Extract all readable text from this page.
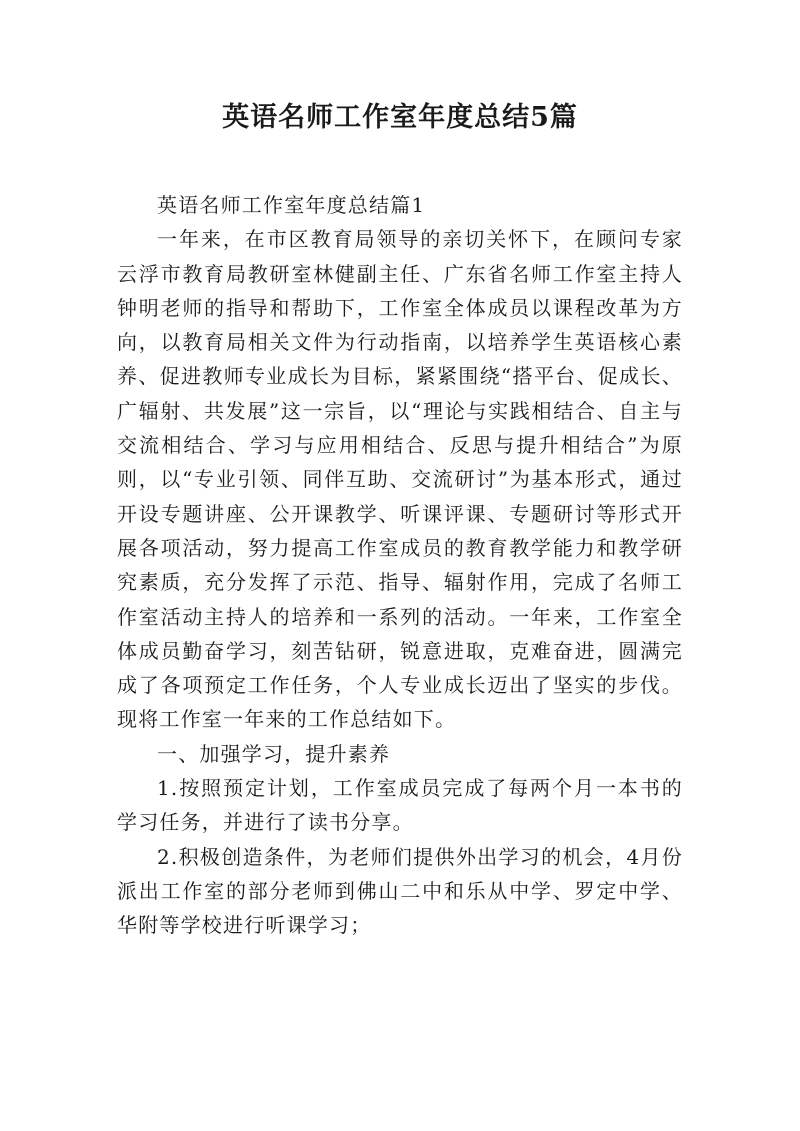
英语名师工作室年度总结5篇

英语名师工作室年度总结篇1

一年来，在市区教育局领导的亲切关怀下，在顾问专家云浮市教育局教研室林健副主任、广东省名师工作室主持人钟明老师的指导和帮助下，工作室全体成员以课程改革为方向，以教育局相关文件为行动指南，以培养学生英语核心素养、促进教师专业成长为目标，紧紧围绕“搭平台、促成长、广辐射、共发展”这一宗旨，以“理论与实践相结合、自主与交流相结合、学习与应用相结合、反思与提升相结合”为原则，以“专业引领、同伴互助、交流研讨”为基本形式，通过开设专题讲座、公开课教学、听课评课、专题研讨等形式开展各项活动，努力提高工作室成员的教育教学能力和教学研究素质，充分发挥了示范、指导、辐射作用，完成了名师工作室活动主持人的培养和一系列的活动。一年来，工作室全体成员勤奋学习，刻苦钻研，锐意进取，克难奋进，圆满完成了各项预定工作任务，个人专业成长迈出了坚实的步伐。现将工作室一年来的工作总结如下。

一、加强学习，提升素养

1.按照预定计划，工作室成员完成了每两个月一本书的学习任务，并进行了读书分享。

2.积极创造条件，为老师们提供外出学习的机会，4月份派出工作室的部分老师到佛山二中和乐从中学、罗定中学、华附等学校进行听课学习；
